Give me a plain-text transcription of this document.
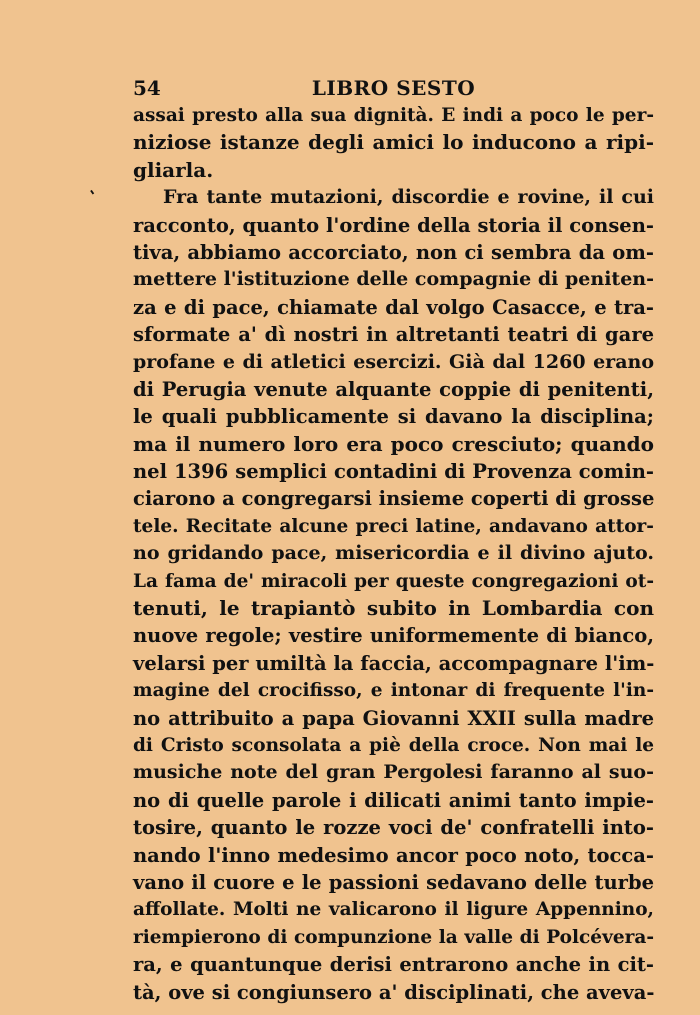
54	LIBRO SESTO
'
assai presto alla sua dignità. E indi a poco le per-
niziose istanze degli amici lo inducono a ripi-
gliarla.
Fra tante mutazioni, discordie e rovine, il cui
racconto, quanto l'ordine della storia il consen-
tiva, abbiamo accorciato, non ci sembra da om-
mettere l'istituzione delle compagnie di peniten-
za e di pace, chiamate dal volgo Casacce, e tra-
sformate a' dì nostri in altretanti teatri di gare
profane e di atletici esercizi. Già dal 1260 erano
di Perugia venute alquante coppie di penitenti,
le quali pubblicamente si davano la disciplina;
ma il numero loro era poco cresciuto; quando
nel 1396 semplici contadini di Provenza comin-
ciarono a congregarsi insieme coperti di grosse
tele. Recitate alcune preci latine, andavano attor-
no gridando pace, misericordia e il divino ajuto.
La fama de' miracoli per queste congregazioni ot-
tenuti, le trapiantò subito in Lombardia con
nuove regole; vestire uniformemente di bianco,
velarsi per umiltà la faccia, accompagnare l'im-
magine del crocifisso, e intonar di frequente l'in-
no attribuito a papa Giovanni XXII sulla madre
di Cristo sconsolata a piè della croce. Non mai le
musiche note del gran Pergolesi faranno al suo-
no di quelle parole i dilicati animi tanto impie-
tosire, quanto le rozze voci de' confratelli into-
nando l'inno medesimo ancor poco noto, tocca-
vano il cuore e le passioni sedavano delle turbe
affollate. Molti ne valicarono il ligure Appennino,
riempierono di compunzione la valle di Polcévera-
ra, e quantunque derisi entrarono anche in cit-
tà, ove si congiunsero a' disciplinati, che aveva-
